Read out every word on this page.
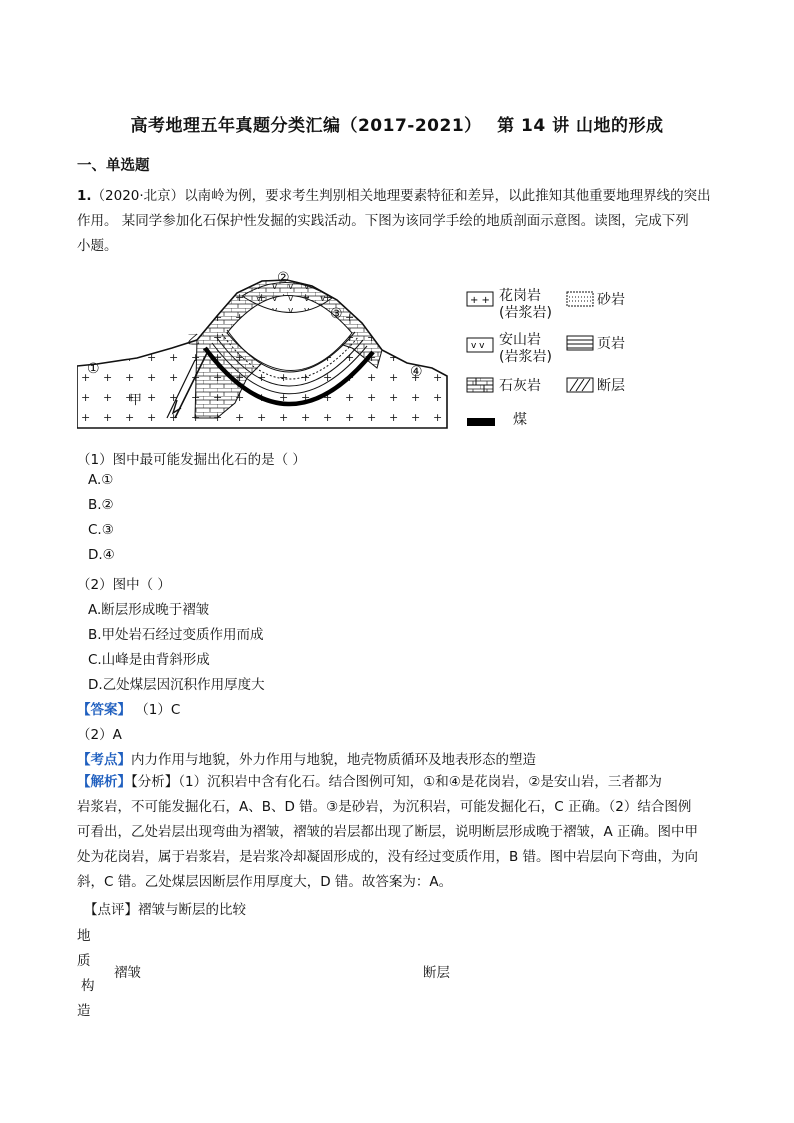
高考地理五年真题分类汇编（2017-2021）　 第 14 讲 山地的形成
一、单选题
1.（2020·北京）以南岭为例，要求考生判别相关地理要素特征和差异，以此推知其他重要地理界线的突出
作用。 某同学参加化石保护性发掘的实践活动。下图为该同学手绘的地质剖面示意图。读图，完成下列
小题。
②
③
①	④
乙
甲
+ + 花岗岩
(岩浆岩)
砂岩
v v 安山岩
(岩浆岩)
页岩
石灰岩	断层
煤
（1）图中最可能发掘出化石的是（ ）
A.①
B.②
C.③
D.④
（2）图中（ ）
A.断层形成晚于褶皱
B.甲处岩石经过变质作用而成
C.山峰是由背斜形成
D.乙处煤层因沉积作用厚度大
【答案】 （1）C
（2）A
【考点】内力作用与地貌，外力作用与地貌，地壳物质循环及地表形态的塑造
【解析】【分析】（1）沉积岩中含有化石。结合图例可知，①和④是花岗岩，②是安山岩，三者都为
岩浆岩，不可能发掘化石，A、B、D 错。③是砂岩，为沉积岩，可能发掘化石，C 正确。（2）结合图例
可看出，乙处岩层出现弯曲为褶皱，褶皱的岩层都出现了断层，说明断层形成晚于褶皱，A 正确。图中甲
处为花岗岩，属于岩浆岩，是岩浆冷却凝固形成的，没有经过变质作用，B 错。图中岩层向下弯曲，为向
斜，C 错。乙处煤层因断层作用厚度大，D 错。故答案为：A。
【点评】褶皱与断层的比较
地
质
构
造
褶皱	断层
